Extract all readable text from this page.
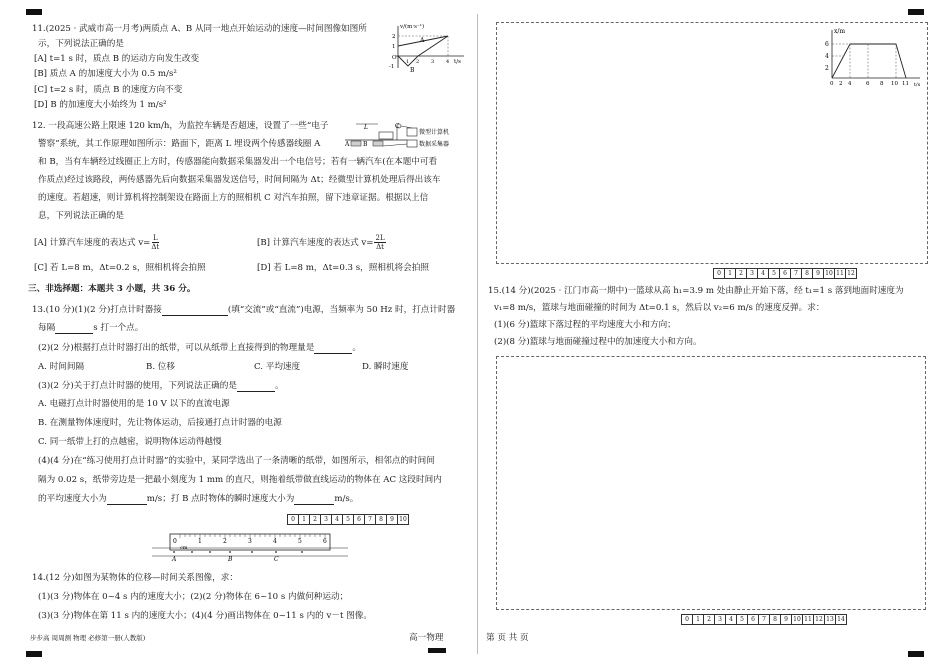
11.(2025 · 武威市高一月考)两质点 A、B 从同一地点开始运动的速度—时间图像如图所
示，下列说法正确的是
[A] t=1 s 时，质点 B 的运动方向发生改变
[B] 质点 A 的加速度大小为 0.5 m/s²
[C] t=2 s 时，质点 B 的速度方向不变
[D] B 的加速度大小始终为 1 m/s²
v/(m·s⁻¹)
t/s
2
1
O
-1
1 2 3 4
A
B
12. 一段高速公路上限速 120 km/h，为监控车辆是否超速，设置了一些“电子
警察”系统，其工作原理如图所示：路面下，距离 L 埋设两个传感器线圈 A
和 B，当有车辆经过线圈正上方时，传感器能向数据采集器发出一个电信号；若有一辆汽车(在本题中可看
作质点)经过该路段，两传感器先后向数据采集器发送信号，时间间隔为 Δt；经微型计算机处理后得出该车
的速度。若超速，则计算机将控制架设在路面上方的照相机 C 对汽车拍照，留下违章证据。根据以上信
息，下列说法正确的是
L	C
A B
微型计算机
数据采集器
[A] 计算汽车速度的表达式 $v= \frac{L}{\Delta t}$	[B] 计算汽车速度的表达式 $v= \frac{2L}{\Delta t}$
[C] 若 L=8 m，Δt=0.2 s，照相机将会拍照	[D] 若 L=8 m，Δt=0.3 s，照相机将会拍照
三、非选择题：本题共 3 小题，共 36 分。
13.(10 分)(1)(2 分)打点计时器接	(填“交流”或“直流”)电源，当频率为 50 Hz 时，打点计时器
每隔	s 打一个点。
(2)(2 分)根据打点计时器打出的纸带，可以从纸带上直接得到的物理量是	。
A. 时间间隔	B. 位移	C. 平均速度	D. 瞬时速度
(3)(2 分)关于打点计时器的使用，下列说法正确的是	。
A. 电磁打点计时器使用的是 10 V 以下的直流电源
B. 在测量物体速度时，先让物体运动，后接通打点计时器的电源
C. 同一纸带上打的点越密，说明物体运动得越慢
(4)(4 分)在“练习使用打点计时器”的实验中，某同学选出了一条清晰的纸带，如图所示，相邻点的时间间
隔为 0.02 s，纸带旁边是一把最小刻度为 1 mm 的直尺，则拖着纸带做直线运动的物体在 AC 这段时间内
的平均速度大小为	m/s；打 B 点时物体的瞬时速度大小为	m/s。
0	1	2	3	4	5	6	7	8	9 10
0	1	2	3	4	5	6
cm
A	B	C
14.(12 分)如图为某物体的位移—时间关系图像，求：
(1)(3 分)物体在 0~4 s 内的速度大小；(2)(2 分)物体在 6~10 s 内做何种运动；
(3)(3 分)物体在第 11 s 内的速度大小；(4)(4 分)画出物体在 0~11 s 内的 v－t 图像。
步步高 周周测 物理 必修第一册(人教版)	高一物理	第 页 共 页
x/m
t/s
6
4
2
0 2 4	6 8 10 11
0	1	2	3	4	5	6	7	8	9 10 11 12
15.(14 分)(2025 · 江门市高一期中)一篮球从高 h₁=3.9 m 处由静止开始下落，经 t₁=1 s 落到地面时速度为
v₁=8 m/s，篮球与地面碰撞的时间为 Δt=0.1 s，然后以 v₂=6 m/s 的速度反弹。求：
(1)(6 分)篮球下落过程的平均速度大小和方向；
(2)(8 分)篮球与地面碰撞过程中的加速度大小和方向。
0	1	2	3	4	5	6	7	8	9 10 11 12 13 14
